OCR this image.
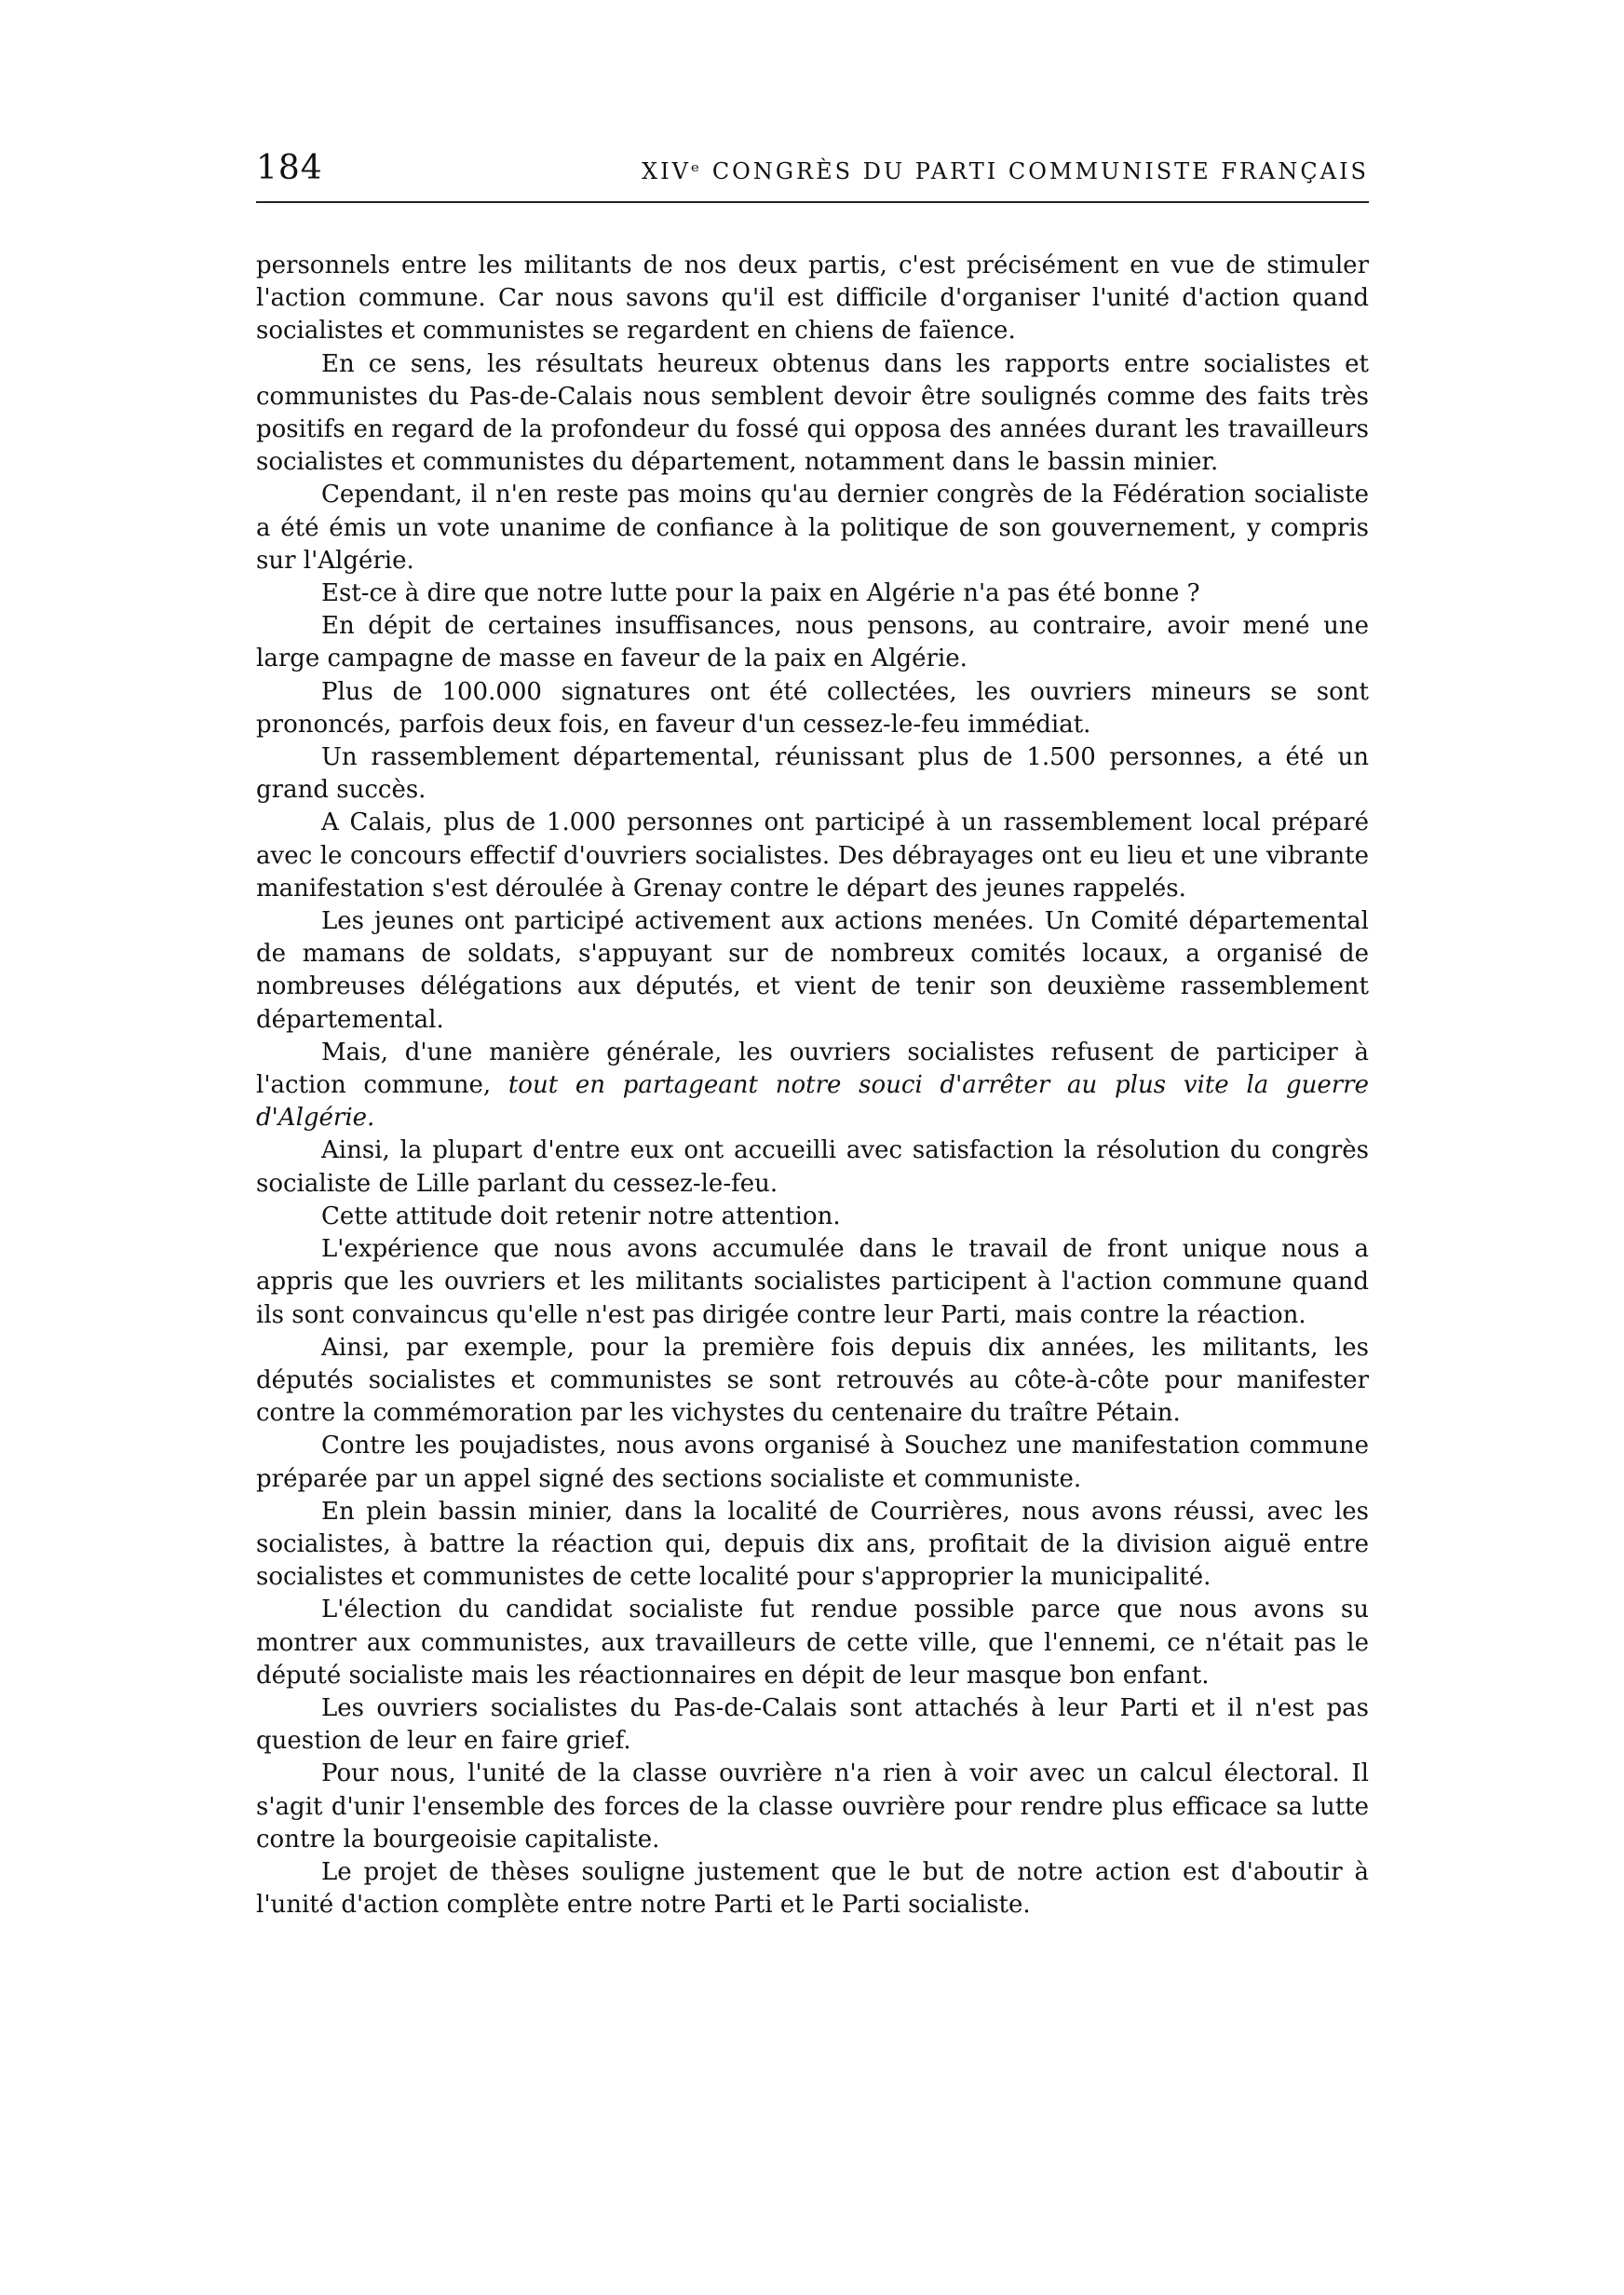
184	XIVᵉ CONGRÈS DU PARTI COMMUNISTE FRANÇAIS

personnels entre les militants de nos deux partis, c'est précisément en vue de stimuler l'action commune. Car nous savons qu'il est difficile d'organiser l'unité d'action quand socialistes et communistes se regardent en chiens de faïence.

En ce sens, les résultats heureux obtenus dans les rapports entre socialistes et communistes du Pas-de-Calais nous semblent devoir être soulignés comme des faits très positifs en regard de la profondeur du fossé qui opposa des années durant les travailleurs socialistes et communistes du département, notamment dans le bassin minier.

Cependant, il n'en reste pas moins qu'au dernier congrès de la Fédération socialiste a été émis un vote unanime de confiance à la politique de son gouvernement, y compris sur l'Algérie.

Est-ce à dire que notre lutte pour la paix en Algérie n'a pas été bonne ?

En dépit de certaines insuffisances, nous pensons, au contraire, avoir mené une large campagne de masse en faveur de la paix en Algérie.

Plus de 100.000 signatures ont été collectées, les ouvriers mineurs se sont prononcés, parfois deux fois, en faveur d'un cessez-le-feu immédiat.

Un rassemblement départemental, réunissant plus de 1.500 personnes, a été un grand succès.

A Calais, plus de 1.000 personnes ont participé à un rassemblement local préparé avec le concours effectif d'ouvriers socialistes. Des débrayages ont eu lieu et une vibrante manifestation s'est déroulée à Grenay contre le départ des jeunes rappelés.

Les jeunes ont participé activement aux actions menées. Un Comité départemental de mamans de soldats, s'appuyant sur de nombreux comités locaux, a organisé de nombreuses délégations aux députés, et vient de tenir son deuxième rassemblement départemental.

Mais, d'une manière générale, les ouvriers socialistes refusent de participer à l'action commune, tout en partageant notre souci d'arrêter au plus vite la guerre d'Algérie.

Ainsi, la plupart d'entre eux ont accueilli avec satisfaction la résolution du congrès socialiste de Lille parlant du cessez-le-feu.

Cette attitude doit retenir notre attention.

L'expérience que nous avons accumulée dans le travail de front unique nous a appris que les ouvriers et les militants socialistes participent à l'action commune quand ils sont convaincus qu'elle n'est pas dirigée contre leur Parti, mais contre la réaction.

Ainsi, par exemple, pour la première fois depuis dix années, les militants, les députés socialistes et communistes se sont retrouvés au côte-à-côte pour manifester contre la commémoration par les vichystes du centenaire du traître Pétain.

Contre les poujadistes, nous avons organisé à Souchez une manifestation commune préparée par un appel signé des sections socialiste et communiste.

En plein bassin minier, dans la localité de Courrières, nous avons réussi, avec les socialistes, à battre la réaction qui, depuis dix ans, profitait de la division aiguë entre socialistes et communistes de cette localité pour s'approprier la municipalité.

L'élection du candidat socialiste fut rendue possible parce que nous avons su montrer aux communistes, aux travailleurs de cette ville, que l'ennemi, ce n'était pas le député socialiste mais les réactionnaires en dépit de leur masque bon enfant.

Les ouvriers socialistes du Pas-de-Calais sont attachés à leur Parti et il n'est pas question de leur en faire grief.

Pour nous, l'unité de la classe ouvrière n'a rien à voir avec un calcul électoral. Il s'agit d'unir l'ensemble des forces de la classe ouvrière pour rendre plus efficace sa lutte contre la bourgeoisie capitaliste.

Le projet de thèses souligne justement que le but de notre action est d'aboutir à l'unité d'action complète entre notre Parti et le Parti socialiste.
